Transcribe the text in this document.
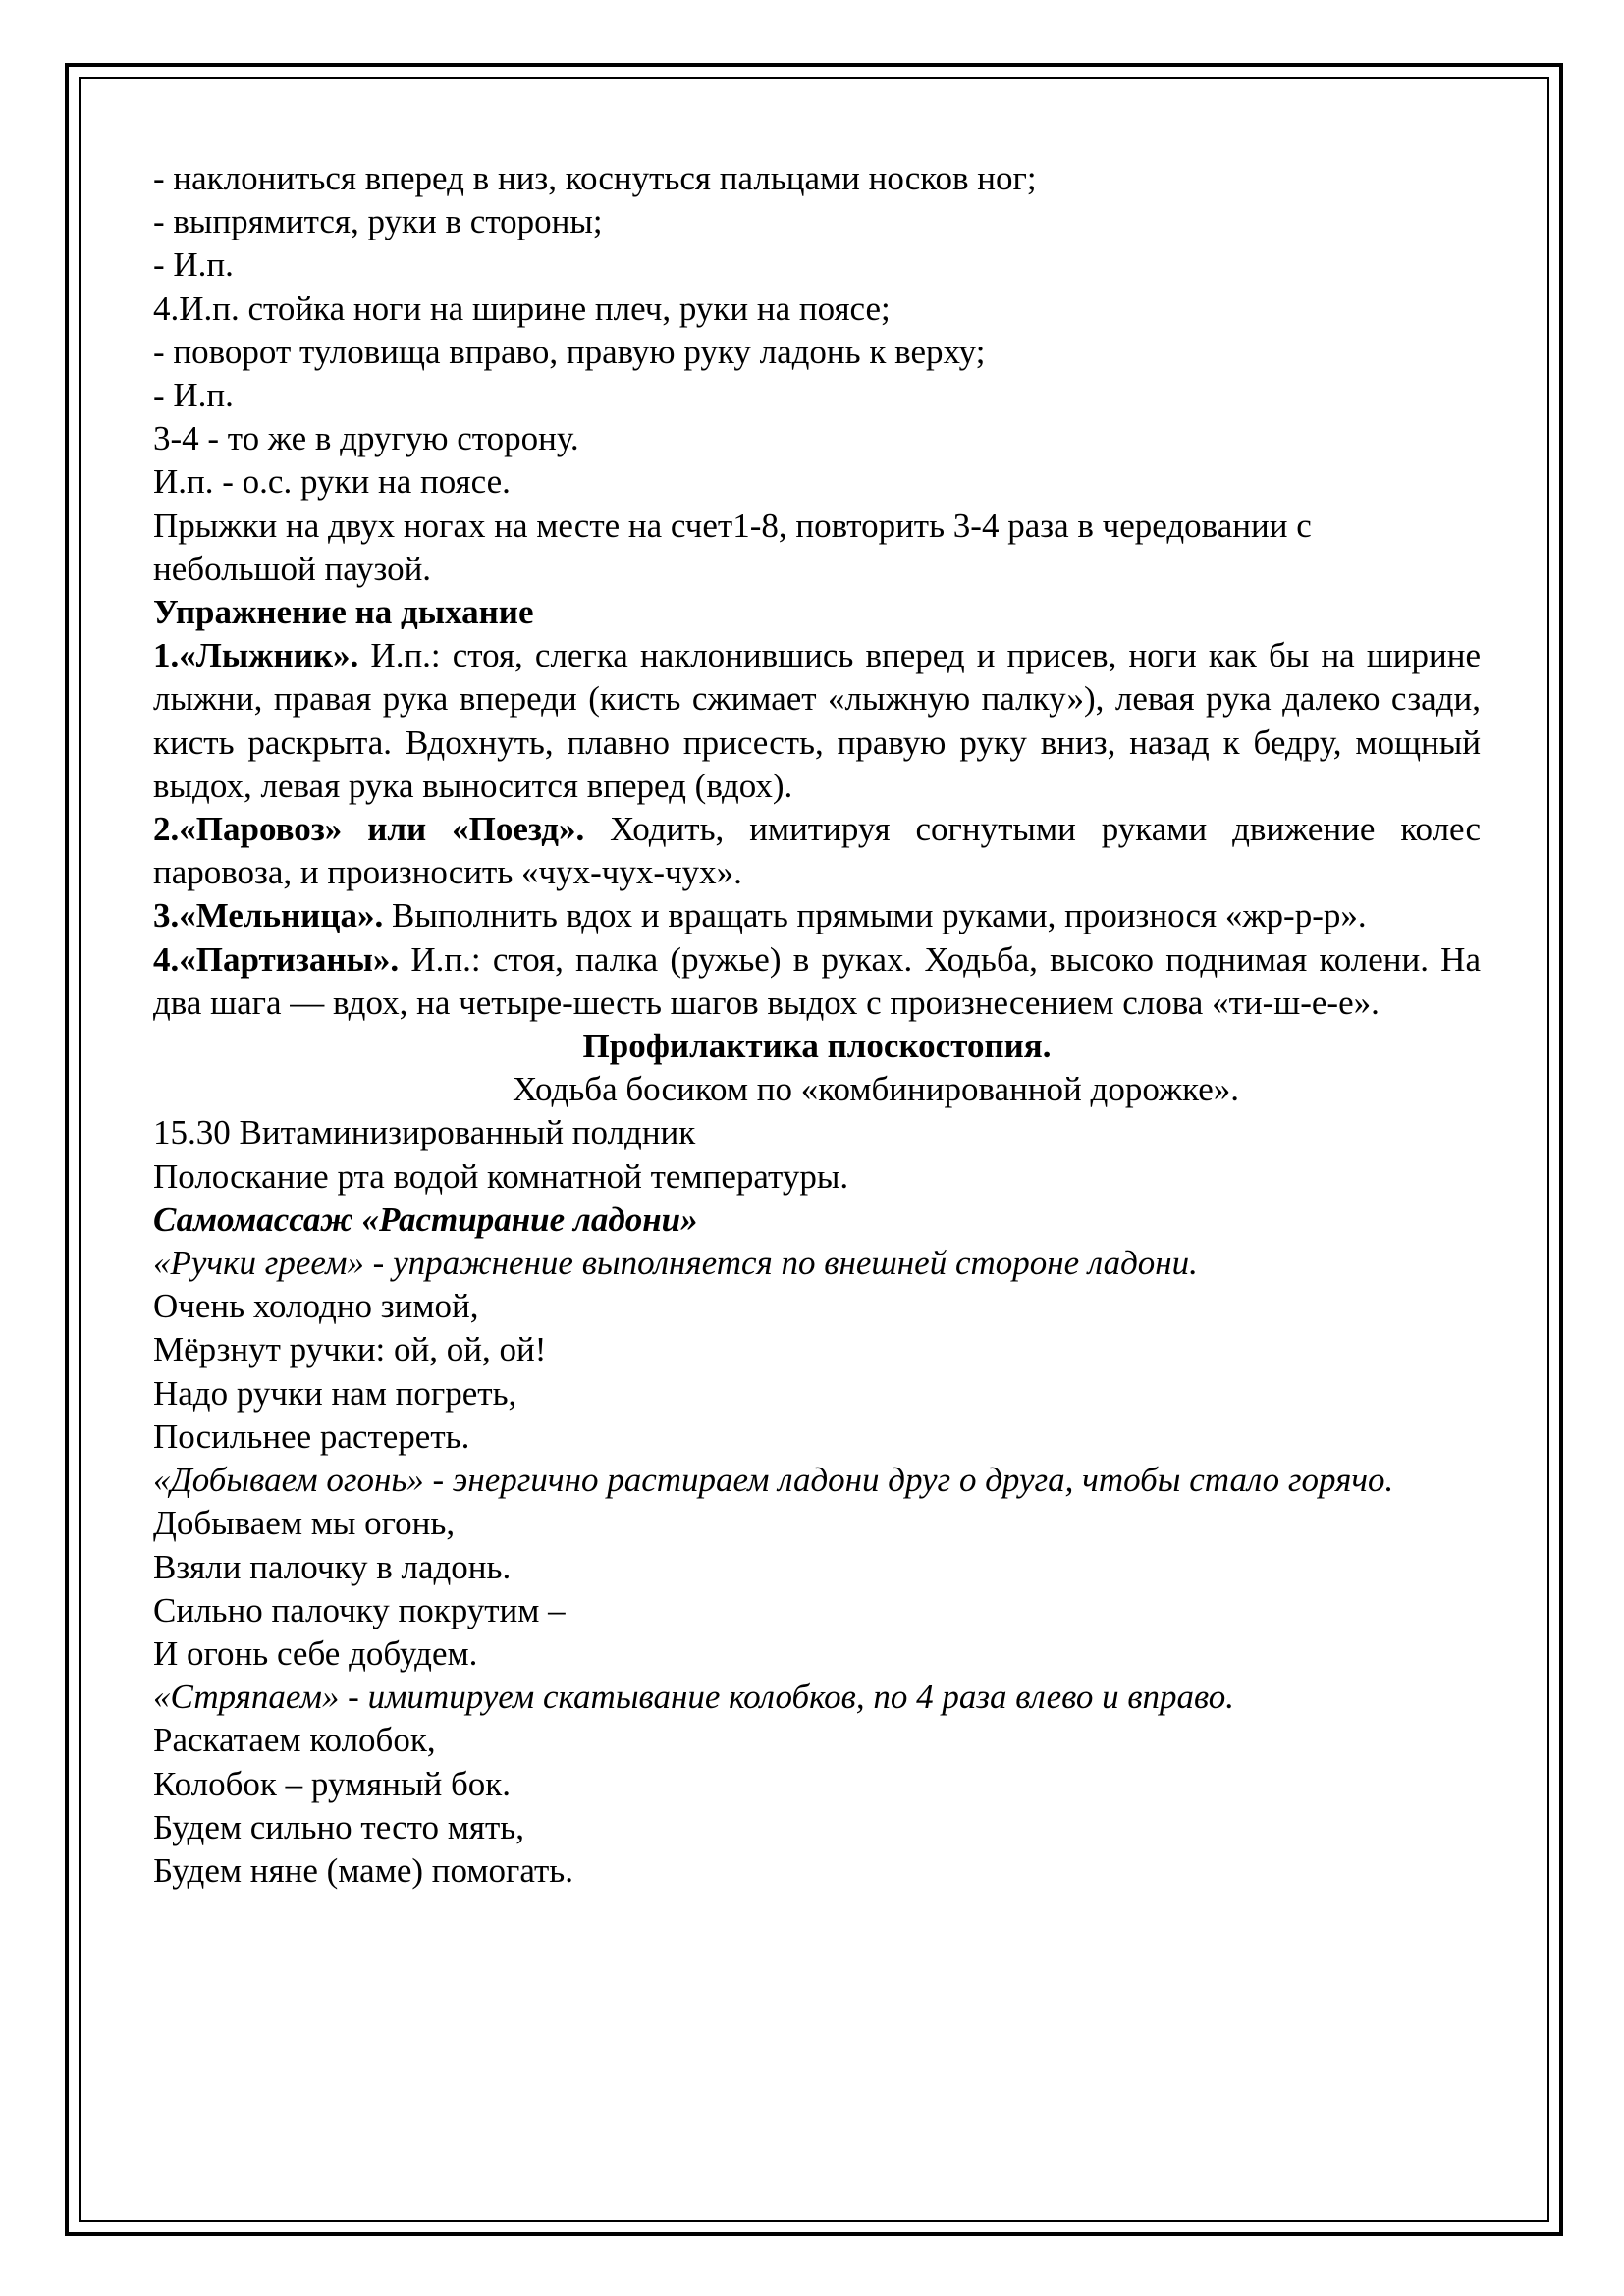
- наклониться вперед в низ, коснуться пальцами носков ног;

- выпрямится, руки в стороны;

- И.п.

4.И.п. стойка ноги на ширине плеч, руки на поясе;

- поворот туловища вправо, правую руку ладонь к верху;

- И.п.

3-4 - то же в другую сторону.

И.п. - о.с. руки на поясе.

Прыжки на двух ногах на месте на счет1-8, повторить 3-4 раза в чередовании с небольшой паузой.

Упражнение на дыхание

1.«Лыжник». И.п.: стоя, слегка наклонившись вперед и присев, ноги как бы на ширине лыжни, правая рука впереди (кисть сжимает «лыжную палку»), левая рука далеко сзади, кисть раскрыта. Вдохнуть, плавно присесть, правую руку вниз, назад к бедру, мощный выдох, левая рука выносится вперед (вдох).

2.«Паровоз» или «Поезд». Ходить, имитируя согнутыми руками движение колес паровоза, и произносить «чух-чух-чух».

3.«Мельница». Выполнить вдох и вращать прямыми руками, произнося «жр-р-р».

4.«Партизаны». И.п.: стоя, палка (ружье) в руках. Ходьба, высоко поднимая колени. На два шага — вдох, на четыре-шесть шагов выдох с произнесением слова «ти-ш-е-е».

Профилактика плоскостопия.

Ходьба босиком по «комбинированной дорожке».

15.30 Витаминизированный полдник

Полоскание рта водой комнатной температуры.

Самомассаж «Растирание ладони»

«Ручки греем» - упражнение выполняется по внешней стороне ладони.

Очень холодно зимой,

Мёрзнут ручки: ой, ой, ой!

Надо ручки нам погреть,

Посильнее растереть.

«Добываем огонь» - энергично растираем ладони друг о друга, чтобы стало горячо.

Добываем мы огонь,

Взяли палочку в ладонь.

Сильно палочку покрутим –

И огонь себе добудем.

«Стряпаем» - имитируем скатывание колобков, по 4 раза влево и вправо.

Раскатаем колобок,

Колобок – румяный бок.

Будем сильно тесто мять,

Будем няне (маме) помогать.
